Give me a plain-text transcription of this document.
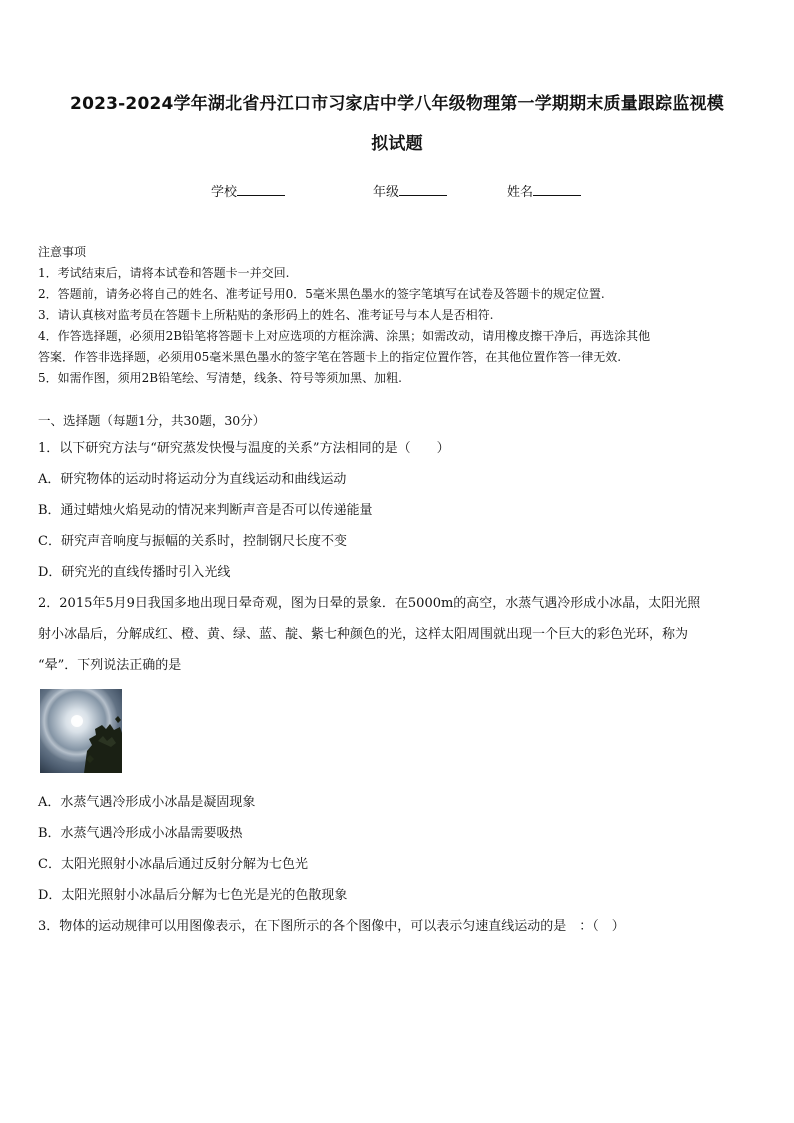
2023-2024学年湖北省丹江口市习家店中学八年级物理第一学期期末质量跟踪监视模
拟试题
学校	年级	姓名
注意事项
1．考试结束后，请将本试卷和答题卡一并交回.
2．答题前，请务必将自己的姓名、准考证号用0．5毫米黑色墨水的签字笔填写在试卷及答题卡的规定位置.
3．请认真核对监考员在答题卡上所粘贴的条形码上的姓名、准考证号与本人是否相符.
4．作答选择题，必须用2B铅笔将答题卡上对应选项的方框涂满、涂黑；如需改动，请用橡皮擦干净后，再选涂其他
答案．作答非选择题，必须用05毫米黑色墨水的签字笔在答题卡上的指定位置作答，在其他位置作答一律无效.
5．如需作图，须用2B铅笔绘、写清楚，线条、符号等须加黑、加粗.
一、选择题（每题1分，共30题，30分）
1．以下研究方法与“研究蒸发快慢与温度的关系”方法相同的是（　　）
A．研究物体的运动时将运动分为直线运动和曲线运动
B．通过蜡烛火焰晃动的情况来判断声音是否可以传递能量
C．研究声音响度与振幅的关系时，控制钢尺长度不变
D．研究光的直线传播时引入光线
2．2015年5月9日我国多地出现日晕奇观，图为日晕的景象．在5000m的高空，水蒸气遇冷形成小冰晶，太阳光照
射小冰晶后，分解成红、橙、黄、绿、蓝、靛、紫七种颜色的光，这样太阳周围就出现一个巨大的彩色光环，称为
“晕”．下列说法正确的是
A．水蒸气遇冷形成小冰晶是凝固现象
B．水蒸气遇冷形成小冰晶需要吸热
C．太阳光照射小冰晶后通过反射分解为七色光
D．太阳光照射小冰晶后分解为七色光是光的色散现象
3．物体的运动规律可以用图像表示，在下图所示的各个图像中，可以表示匀速直线运动的是　：（　）
